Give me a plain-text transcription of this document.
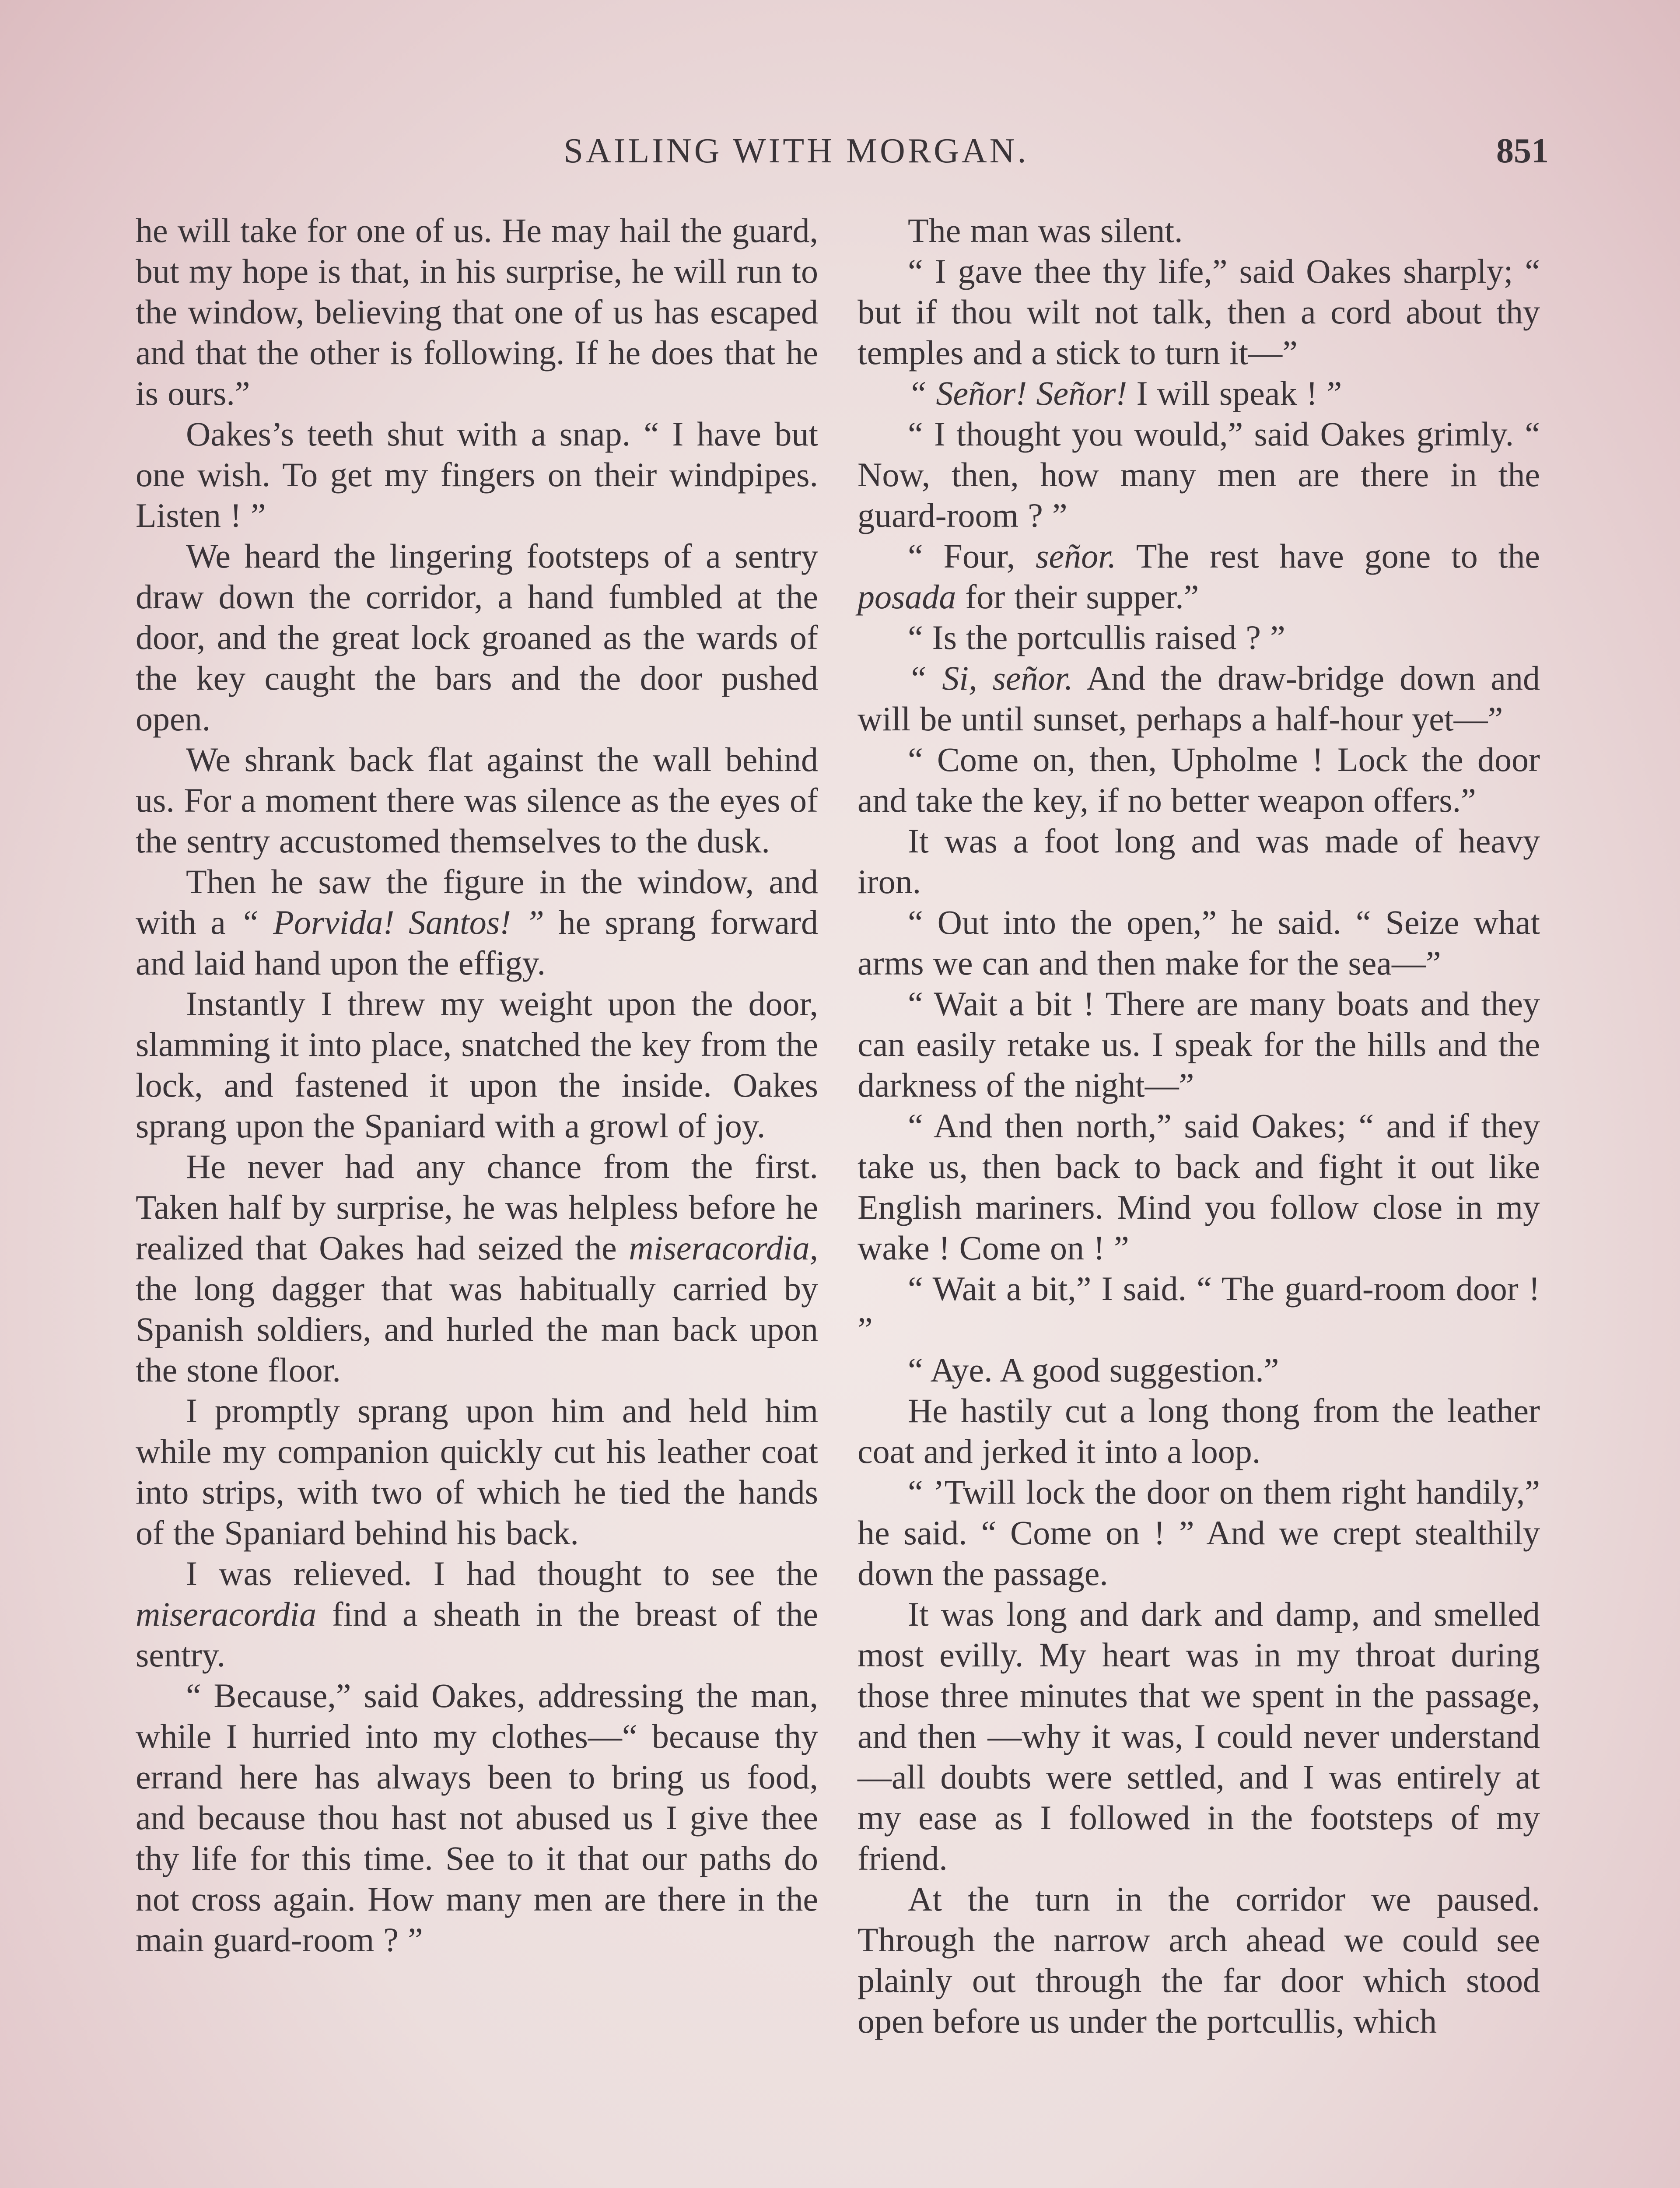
SAILING WITH MORGAN.	851

he will take for one of us. He may hail the guard, but my hope is that, in his surprise, he will run to the window, believing that one of us has escaped and that the other is following. If he does that he is ours.”

Oakes’s teeth shut with a snap. “ I have but one wish. To get my fingers on their windpipes. Listen ! ”

We heard the lingering footsteps of a sentry draw down the corridor, a hand fumbled at the door, and the great lock groaned as the wards of the key caught the bars and the door pushed open.

We shrank back flat against the wall behind us. For a moment there was silence as the eyes of the sentry accustomed themselves to the dusk.

Then he saw the figure in the window, and with a “ Porvida! Santos! ” he sprang forward and laid hand upon the effigy.

Instantly I threw my weight upon the door, slamming it into place, snatched the key from the lock, and fastened it upon the inside. Oakes sprang upon the Spaniard with a growl of joy.

He never had any chance from the first. Taken half by surprise, he was helpless before he realized that Oakes had seized the miseracordia, the long dagger that was habitually carried by Spanish soldiers, and hurled the man back upon the stone floor.

I promptly sprang upon him and held him while my companion quickly cut his leather coat into strips, with two of which he tied the hands of the Spaniard behind his back.

I was relieved. I had thought to see the miseracordia find a sheath in the breast of the sentry.

“ Because,” said Oakes, addressing the man, while I hurried into my clothes—“ because thy errand here has always been to bring us food, and because thou hast not abused us I give thee thy life for this time. See to it that our paths do not cross again. How many men are there in the main guard-room ? ”

The man was silent.

“ I gave thee thy life,” said Oakes sharply; “ but if thou wilt not talk, then a cord about thy temples and a stick to turn it—”

“ Señor! Señor! I will speak ! ”

“ I thought you would,” said Oakes grimly. “ Now, then, how many men are there in the guard-room ? ”

“ Four, señor. The rest have gone to the posada for their supper.”

“ Is the portcullis raised ? ”

“ Si, señor. And the draw-bridge down and will be until sunset, perhaps a half-hour yet—”

“ Come on, then, Upholme ! Lock the door and take the key, if no better weapon offers.”

It was a foot long and was made of heavy iron.

“ Out into the open,” he said. “ Seize what arms we can and then make for the sea—”

“ Wait a bit ! There are many boats and they can easily retake us. I speak for the hills and the darkness of the night—”

“ And then north,” said Oakes; “ and if they take us, then back to back and fight it out like English mariners. Mind you follow close in my wake ! Come on ! ”

“ Wait a bit,” I said. “ The guard-room door ! ”

“ Aye. A good suggestion.”

He hastily cut a long thong from the leather coat and jerked it into a loop.

“ ’Twill lock the door on them right handily,” he said. “ Come on ! ” And we crept stealthily down the passage.

It was long and dark and damp, and smelled most evilly. My heart was in my throat during those three minutes that we spent in the passage, and then —why it was, I could never understand—all doubts were settled, and I was entirely at my ease as I followed in the footsteps of my friend.

At the turn in the corridor we paused. Through the narrow arch ahead we could see plainly out through the far door which stood open before us under the portcullis, which
